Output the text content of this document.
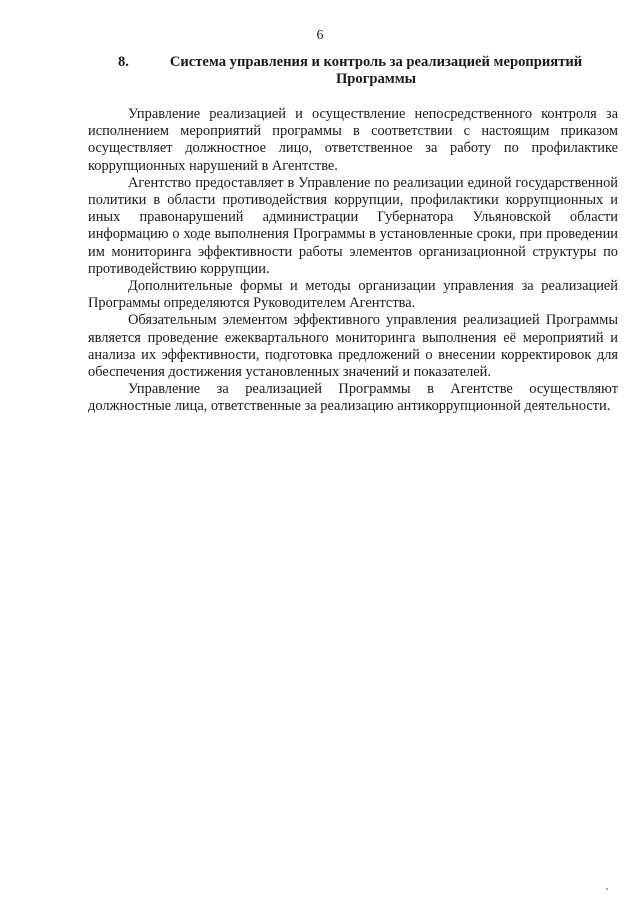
6
8.	Система управления и контроль за реализацией мероприятий Программы

Управление реализацией и осуществление непосредственного контроля за исполнением мероприятий программы в соответствии с настоящим приказом осуществляет должностное лицо, ответственное за работу по профилактике коррупционных нарушений в Агентстве.

Агентство предоставляет в Управление по реализации единой государственной политики в области противодействия коррупции, профилактики коррупционных и иных правонарушений администрации Губернатора Ульяновской области информацию о ходе выполнения Программы в установленные сроки, при проведении им мониторинга эффективности работы элементов организационной структуры по противодействию коррупции.

Дополнительные формы и методы организации управления за реализацией Программы определяются Руководителем Агентства.

Обязательным элементом эффективного управления реализацией Программы является проведение ежеквартального мониторинга выполнения её мероприятий и анализа их эффективности, подготовка предложений о внесении корректировок для обеспечения достижения установленных значений и показателей.

Управление за реализацией Программы в Агентстве осуществляют должностные лица, ответственные за реализацию антикоррупционной деятельности.
